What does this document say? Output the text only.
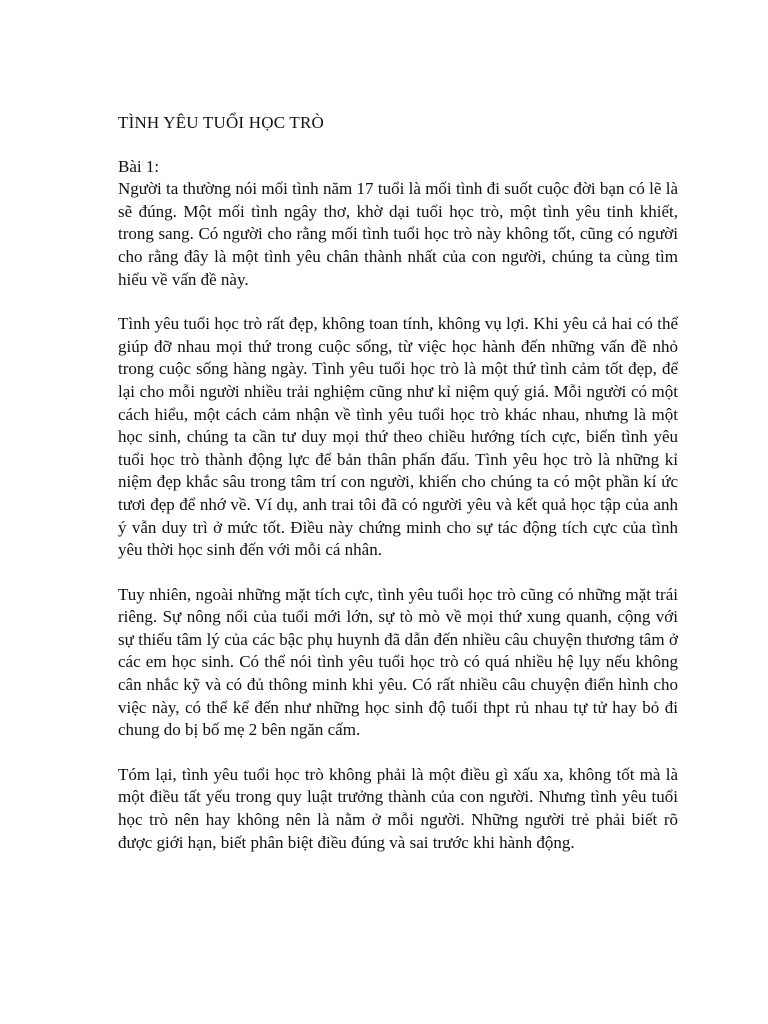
TÌNH YÊU TUỔI HỌC TRÒ

Bài 1:

Người ta thường nói mối tình năm 17 tuổi là mối tình đi suốt cuộc đời bạn có lẽ là sẽ đúng. Một mối tình ngây thơ, khờ dại tuổi học trò, một tình yêu tinh khiết, trong sang. Có người cho rằng mối tình tuổi học trò này không tốt, cũng có người cho rằng đây là một tình yêu chân thành nhất của con người, chúng ta cùng tìm hiểu về vấn đề này.

Tình yêu tuổi học trò rất đẹp, không toan tính, không vụ lợi. Khi yêu cả hai có thể giúp đỡ nhau mọi thứ trong cuộc sống, từ việc học hành đến những vấn đề nhỏ trong cuộc sống hàng ngày. Tình yêu tuổi học trò là một thứ tình cảm tốt đẹp, để lại cho mỗi người nhiều trải nghiệm cũng như kỉ niệm quý giá. Mỗi người có một cách hiểu, một cách cảm nhận về tình yêu tuổi học trò khác nhau, nhưng là một học sinh, chúng ta cần tư duy mọi thứ theo chiều hướng tích cực, biến tình yêu tuổi học trò thành động lực để bản thân phấn đấu. Tình yêu học trò là những kỉ niệm đẹp khắc sâu trong tâm trí con người, khiến cho chúng ta có một phần kí ức tươi đẹp để nhớ về. Ví dụ, anh trai tôi đã có người yêu và kết quả học tập của anh ý vẫn duy trì ở mức tốt. Điều này chứng minh cho sự tác động tích cực của tình yêu thời học sinh đến với mỗi cá nhân.

Tuy nhiên, ngoài những mặt tích cực, tình yêu tuổi học trò cũng có những mặt trái riêng. Sự nông nổi của tuổi mới lớn, sự tò mò về mọi thứ xung quanh, cộng với sự thiếu tâm lý của các bậc phụ huynh đã dẫn đến nhiều câu chuyện thương tâm ở các em học sinh. Có thể nói tình yêu tuổi học trò có quá nhiều hệ lụy nếu không cân nhắc kỹ và có đủ thông minh khi yêu. Có rất nhiều câu chuyện điển hình cho việc này, có thể kể đến như những học sinh độ tuổi thpt rủ nhau tự tử hay bỏ đi chung do bị bố mẹ 2 bên ngăn cấm.

Tóm lại, tình yêu tuổi học trò không phải là một điều gì xấu xa, không tốt mà là một điều tất yếu trong quy luật trưởng thành của con người. Nhưng tình yêu tuổi học trò nên hay không nên là nằm ở mỗi người. Những người trẻ phải biết rõ được giới hạn, biết phân biệt điều đúng và sai trước khi hành động.
